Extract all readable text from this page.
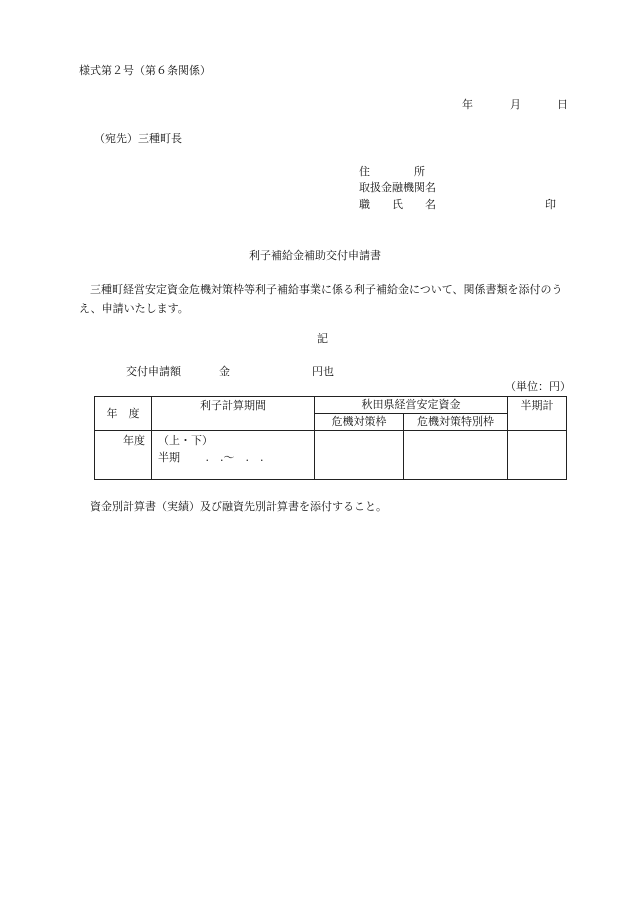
様式第２号（第６条関係）
年	月	日
（宛先）三種町長
住　　　　所
取扱金融機関名
職　　氏　　名	印
利子補給金補助交付申請書
三種町経営安定資金危機対策枠等利子補給事業に係る利子補給金について、関係書類を添付のうえ、申請いたします。
記
交付申請額	金	円也
（単位：円）
年　度	利子計算期間	秋田県経営安定資金		半期計
		危機対策枠	危機対策特別枠	
年度	（上・下）
半期 .　.〜　.　.			

資金別計算書（実績）及び融資先別計算書を添付すること。
